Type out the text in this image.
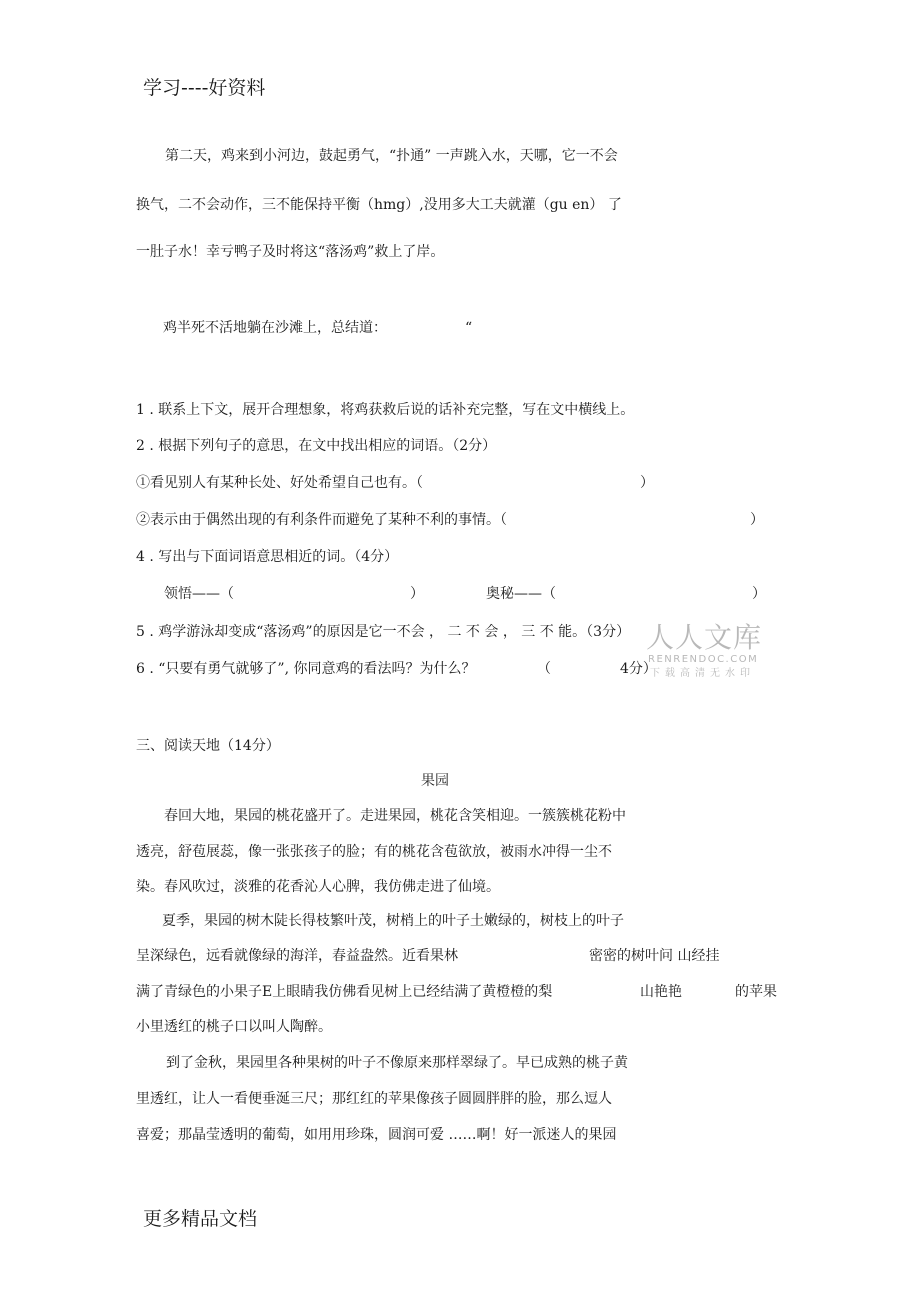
学习----好资料
第二天，鸡来到小河边，鼓起勇气，“扑通” 一声跳入水，天哪，它一不会
换气，二不会动作，三不能保持平衡（hmg）,没用多大工夫就灌（gu en） 了
一肚子水！幸亏鸭子及时将这“落汤鸡”救上了岸。
鸡半死不活地躺在沙滩上，总结道：	“
1 . 联系上下文，展开合理想象，将鸡获救后说的话补充完整，写在文中横线上。
2 . 根据下列句子的意思，在文中找出相应的词语。（2分）
①看见别人有某种长处、好处希望自己也有。（	）
②表示由于偶然出现的有利条件而避免了某种不利的事情。（	）
4 . 写出与下面词语意思相近的词。（4分）
领悟——（	）	奥秘——（	）
5 . 鸡学游泳却变成“落汤鸡”的原因是它一不会 ， 二 不 会 ， 三 不 能。（3分）
6 . “只要有勇气就够了”, 你同意鸡的看法吗？为什么？	（	4分）
三、阅读天地（14分）
果园
春回大地，果园的桃花盛开了。走进果园，桃花含笑相迎。一簇簇桃花粉中
透亮，舒苞展蕊，像一张张孩子的脸；有的桃花含苞欲放，被雨水冲得一尘不
染。春风吹过，淡雅的花香沁人心脾，我仿佛走进了仙境。
夏季，果园的树木陡长得枝繁叶茂，树梢上的叶子土嫩绿的，树枝上的叶子
呈深绿色，远看就像绿的海洋，春益盎然。近看果林	密密的树叶问 山经挂
满了青绿色的小果子E上眼睛我仿佛看见树上已经结满了黄橙橙的梨	山艳艳	的苹果
小里透红的桃子口以叫人陶醉。
到了金秋，果园里各种果树的叶子不像原来那样翠绿了。早已成熟的桃子黄
里透红，让人一看便垂涎三尺；那红红的苹果像孩子圆圆胖胖的脸，那么逗人
喜爱；那晶莹透明的葡萄，如用用珍珠，圆润可爱 ……啊！好一派迷人的果园
更多精品文档
人人文库
RENRENDOC.COM
下载高清无水印
